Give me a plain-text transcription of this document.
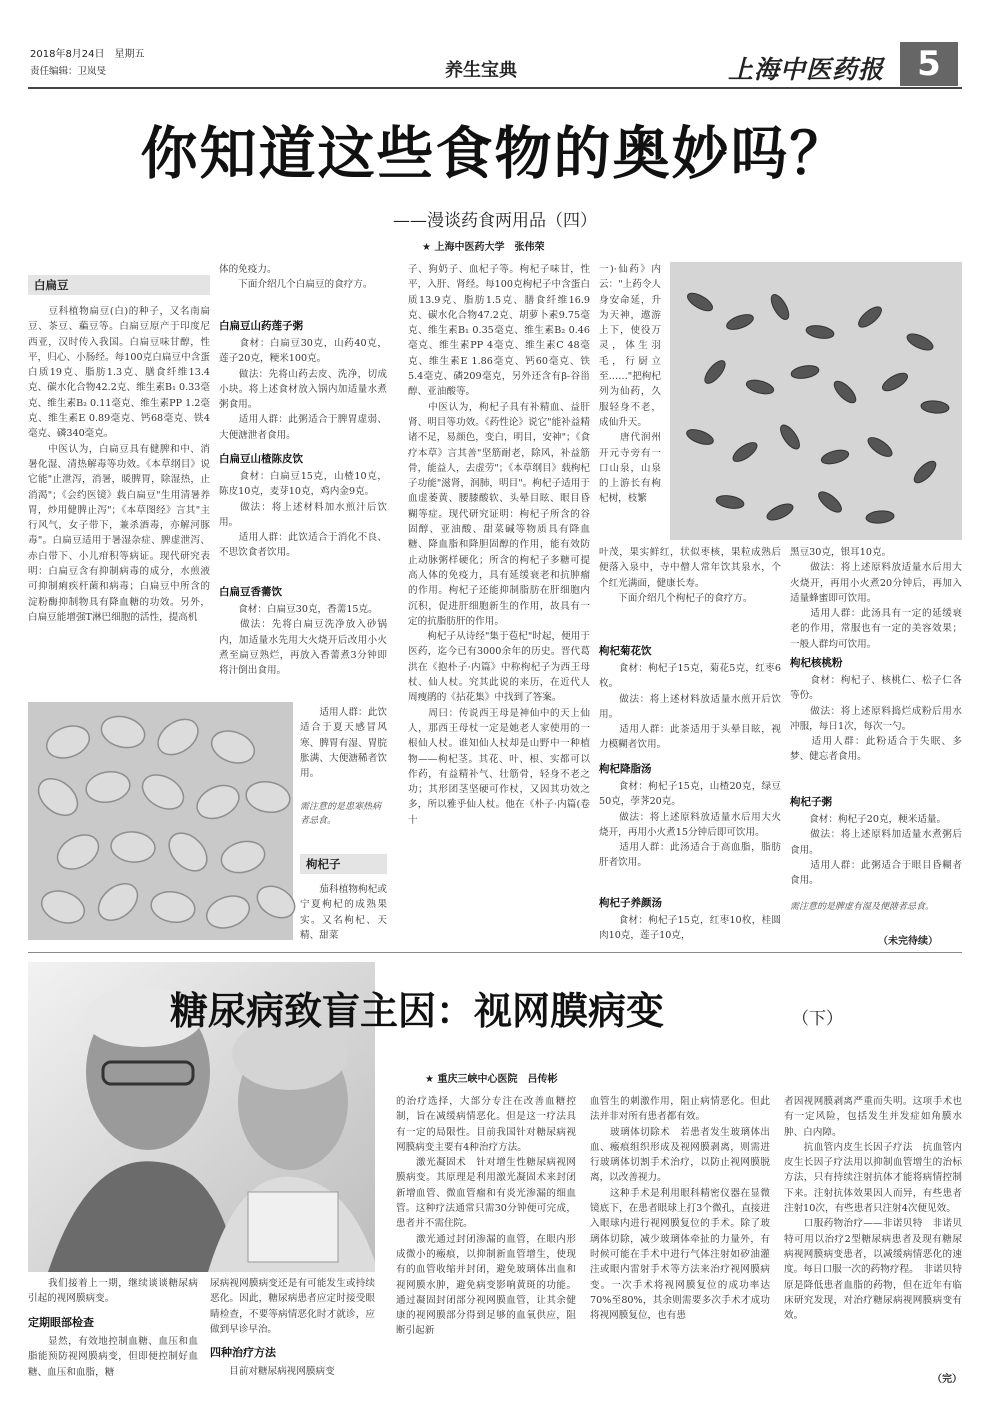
2018年8月24日　星期五
责任编辑：卫岚旻	养生宝典	上海中医药报 5
你知道这些食物的奥妙吗？
——漫谈药食两用品（四）
★ 上海中医药大学　张伟荣
白扁豆
　　豆科植物扁豆(白)的种子，又名南扁豆、茶豆、藊豆等。白扁豆原产于印度尼西亚，汉时传入我国。白扁豆味甘醇，性平，归心、小肠经。每100克白扁豆中含蛋白质19克、脂肪1.3克、膳食纤维13.4克、碳水化合物42.2克、维生素B₁ 0.33毫克、维生素B₂ 0.11毫克、维生素PP 1.2毫克、维生素E 0.89毫克、钙68毫克、铁4毫克、磷340毫克。
　　中医认为，白扁豆具有健脾和中、消暑化湿、清热解毒等功效。《本草纲目》说它能"止泄泻，消暑，暖脾胃，除湿热，止消渴"；《会约医镜》载白扁豆"生用清暑养胃，炒用健脾止泻"；《本草图经》言其"主行风气，女子带下，兼杀酒毒，亦解河豚毒"。白扁豆适用于暑湿杂症、脾虚泄泻、赤白带下、小儿疳积等病证。现代研究表明：白扁豆含有抑制病毒的成分，水煎液可抑制痢疾杆菌和病毒；白扁豆中所含的淀粉酶抑制物具有降血糖的功效。另外，白扁豆能增强T淋巴细胞的活性，提高机
体的免疫力。
　　下面介绍几个白扁豆的食疗方。
白扁豆山药莲子粥
　　食材：白扁豆30克，山药40克，莲子20克，粳米100克。
　　做法：先将山药去皮、洗净，切成小块。将上述食材放入锅内加适量水煮粥食用。
　　适用人群：此粥适合于脾胃虚弱、大便溏泄者食用。
白扁豆山楂陈皮饮
　　食材：白扁豆15克，山楂10克，陈皮10克，麦芽10克，鸡内金9克。
　　做法：将上述材料加水煎汁后饮用。
　　适用人群：此饮适合于消化不良、不思饮食者饮用。
白扁豆香薷饮
　　食材：白扁豆30克，香薷15克。
　　做法：先将白扁豆洗净放入砂锅内，加适量水先用大火烧开后改用小火煮至扁豆熟烂，再放入香薷煮3分钟即将汁倒出食用。
　　适用人群：此饮适合于夏天感冒风寒、脾胃有湿、胃脘胀满、大便溏稀者饮用。
需注意的是患寒热病者忌食。
枸杞子
　　茄科植物枸杞或宁夏枸杞的成熟果实。又名枸杞、天精、甜菜
子、狗奶子、血杞子等。枸杞子味甘，性平，入肝、肾经。每100克枸杞子中含蛋白质13.9克、脂肪1.5克、膳食纤维16.9克、碳水化合物47.2克、胡萝卜素9.75毫克、维生素B₁ 0.35毫克、维生素B₂ 0.46毫克、维生素PP 4毫克、维生素C 48毫克、维生素E 1.86毫克、钙60毫克、铁5.4毫克、磷209毫克，另外还含有β-谷甾醇、亚油酸等。
　　中医认为，枸杞子具有补精血、益肝肾、明目等功效。《药性论》说它"能补益精诸不足，易颜色，变白，明目，安神"；《食疗本草》言其善"坚筋耐老，除风，补益筋骨，能益人，去虚劳"；《本草纲目》载枸杞子功能"滋肾，润肺，明目"。枸杞子适用于血虚萎黄、腰膝酸软、头晕目眩、眼目昏糊等症。现代研究证明：枸杞子所含的谷固醇、亚油酸、甜菜碱等物质具有降血糖、降血脂和降胆固醇的作用，能有效防止动脉粥样硬化；所含的枸杞子多糖可提高人体的免疫力，具有延缓衰老和抗肿瘤的作用。枸杞子还能抑制脂肪在肝细胞内沉积，促进肝细胞新生的作用，故具有一定的抗脂肪肝的作用。
　　枸杞子从诗经"集于苞杞"时起，便用于医药，迄今已有3000余年的历史。晋代葛洪在《抱朴子·内篇》中称枸杞子为西王母杖、仙人杖。究其此说的来历，在近代人周瘦鹃的《拈花集》中找到了答案。
　　周曰：传说西王母是神仙中的天上仙人，那西王母杖一定是她老人家使用的一根仙人杖。谁知仙人杖却是山野中一种植物——枸杞茎。其花、叶、根、实都可以作药，有益精补气、壮筋骨，轻身不老之功；其形团茎坚硬可作杖，又因其功效之多，所以雅乎仙人杖。他在《朴子·内篇(卷十
一)·仙药》内云："上药令人身安命延，升为天神，遨游上下，使役万灵，体生羽毛，行厨立至……"把枸杞列为仙药，久服轻身不老，成仙升天。
　　唐代润州开元寺旁有一口山泉，山泉的上游长有枸杞树，枝繁
叶茂，果实鲜红，状似枣核，果粒成熟后便落入泉中，寺中僧人常年饮其泉水，个个红光满面，健康长寿。
　　下面介绍几个枸杞子的食疗方。
枸杞菊花饮
　　食材：枸杞子15克，菊花5克，红枣6枚。
　　做法：将上述材料放适量水煎开后饮用。
　　适用人群：此茶适用于头晕目眩，视力模糊者饮用。
枸杞降脂汤
　　食材：枸杞子15克，山楂20克，绿豆50克，荸荠20克。
　　做法：将上述原料放适量水后用大火烧开，再用小火煮15分钟后即可饮用。
　　适用人群：此汤适合于高血脂，脂肪肝者饮用。
枸杞子养颜汤
　　食材：枸杞子15克，红枣10枚，桂圆肉10克，莲子10克，
黑豆30克，银耳10克。
　　做法：将上述原料放适量水后用大火烧开，再用小火煮20分钟后，再加入适量蜂蜜即可饮用。
　　适用人群：此汤具有一定的延缓衰老的作用，常服也有一定的美容效果；一般人群均可饮用。
枸杞核桃粉
　　食材：枸杞子、核桃仁、松子仁各等份。
　　做法：将上述原料捣烂成粉后用水冲服，每日1次，每次一勺。
　　适用人群：此粉适合于失眠、多梦、健忘者食用。
枸杞子粥
　　食材：枸杞子20克，粳米适量。
　　做法：将上述原料加适量水煮粥后食用。
　　适用人群：此粥适合于眼目昏糊者食用。
需注意的是脾虚有湿及便溏者忌食。
（未完待续）
糖尿病致盲主因：视网膜病变	（下）
★ 重庆三峡中心医院　吕传彬
　　我们接着上一期，继续谈谈糖尿病引起的视网膜病变。
定期眼部检查
　　显然，有效地控制血糖、血压和血脂能预防视网膜病变，但即便控制好血糖、血压和血脂，糖
尿病视网膜病变还是有可能发生或持续恶化。因此，糖尿病患者应定时接受眼睛检查，不要等病情恶化时才就诊，应做到早诊早治。
四种治疗方法
　　目前对糖尿病视网膜病变
的治疗选择，大部分专注在改善血糖控制，旨在减缓病情恶化。但是这一疗法具有一定的局限性。目前我国针对糖尿病视网膜病变主要有4种治疗方法。
　　激光凝固术　针对增生性糖尿病视网膜病变。其原理是利用激光凝固术来封闭新增血管、微血管瘤和有炎光渗漏的细血管。这种疗法通常只需30分钟便可完成，患者并不需住院。
　　激光通过封闭渗漏的血管，在眼内形成微小的瘢痕，以抑制新血管增生，使现有的血管收缩并封闭，避免玻璃体出血和视网膜水肿，避免病变影响黄斑的功能。通过凝固封闭部分视网膜血管，让其余健康的视网膜部分得到足够的血氧供应，阻断引起新
血管生的刺激作用，阻止病情恶化。但此法并非对所有患者都有效。
　　玻璃体切除术　若患者发生玻璃体出血、瘢痕组织形成及视网膜剥离，则需进行玻璃体切割手术治疗，以防止视网膜脱离，以改善视力。
　　这种手术是利用眼科精密仪器在显微镜底下，在患者眼球上打3个微孔，直接进入眼球内进行视网膜复位的手术。除了玻璃体切除，减少玻璃体牵扯的力量外，有时候可能在手术中进行气体注射如矽油灌注或眼内雷射手术等方法来治疗视网膜病变。一次手术将视网膜复位的成功率达70%至80%，其余则需要多次手术才成功将视网膜复位，也有患
者因视网膜剥离严重而失明。这项手术也有一定风险，包括发生并发症如角膜水肿、白内障。
　　抗血管内皮生长因子疗法　抗血管内皮生长因子疗法用以抑制血管增生的治标方法，只有持续注射抗体才能将病情控制下来。注射抗体效果因人而异，有些患者注射10次，有些患者只注射4次便见效。
　　口服药物治疗——非诺贝特　非诺贝特可用以治疗2型糖尿病患者及现有糖尿病视网膜病变患者，以减缓病情恶化的速度。每日口服一次的药物疗程。　非诺贝特原是降低患者血脂的药物，但在近年有临床研究发现，对治疗糖尿病视网膜病变有效。
（完）
